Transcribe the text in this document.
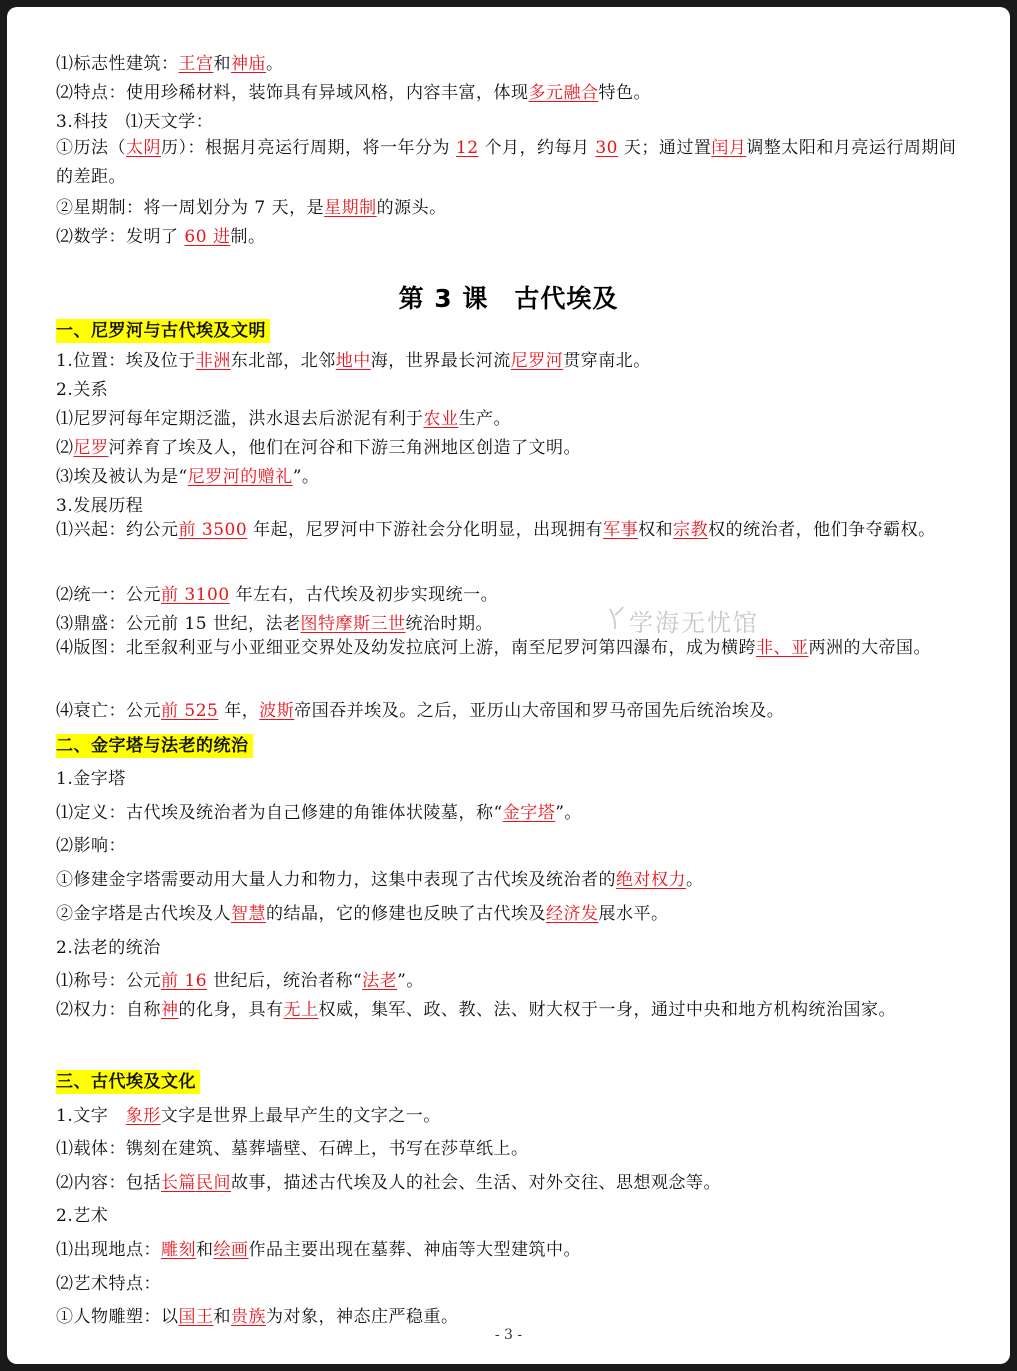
第 3 课　古代埃及
学海无忧馆
- 3 -
⑴标志性建筑：王宫和神庙。
⑵特点：使用珍稀材料，装饰具有异域风格，内容丰富，体现多元融合特色。
3.科技　⑴天文学：
①历法（太阴历）：根据月亮运行周期，将一年分为 12 个月，约每月 30 天；通过置闰月调整太阳和月亮运行周期间的差距。
②星期制：将一周划分为 7 天，是星期制的源头。
⑵数学：发明了 60 进制。
一、尼罗河与古代埃及文明
1.位置：埃及位于非洲东北部，北邻地中海，世界最长河流尼罗河贯穿南北。
2.关系
⑴尼罗河每年定期泛滥，洪水退去后淤泥有利于农业生产。
⑵尼罗河养育了埃及人，他们在河谷和下游三角洲地区创造了文明。
⑶埃及被认为是“尼罗河的赠礼”。
3.发展历程
⑴兴起：约公元前 3500 年起，尼罗河中下游社会分化明显，出现拥有军事权和宗教权的统治者，他们争夺霸权。
⑵统一：公元前 3100 年左右，古代埃及初步实现统一。
⑶鼎盛：公元前 15 世纪，法老图特摩斯三世统治时期。
⑷版图：北至叙利亚与小亚细亚交界处及幼发拉底河上游，南至尼罗河第四瀑布，成为横跨非、亚两洲的大帝国。
⑷衰亡：公元前 525 年，波斯帝国吞并埃及。之后，亚历山大帝国和罗马帝国先后统治埃及。
二、金字塔与法老的统治
1.金字塔
⑴定义：古代埃及统治者为自己修建的角锥体状陵墓，称“金字塔”。
⑵影响：
①修建金字塔需要动用大量人力和物力，这集中表现了古代埃及统治者的绝对权力。
②金字塔是古代埃及人智慧的结晶，它的修建也反映了古代埃及经济发展水平。
2.法老的统治
⑴称号：公元前 16 世纪后，统治者称“法老”。
⑵权力：自称神的化身，具有无上权威，集军、政、教、法、财大权于一身，通过中央和地方机构统治国家。
三、古代埃及文化
1.文字　象形文字是世界上最早产生的文字之一。
⑴载体：镌刻在建筑、墓葬墙壁、石碑上，书写在莎草纸上。
⑵内容：包括长篇民间故事，描述古代埃及人的社会、生活、对外交往、思想观念等。
2.艺术
⑴出现地点：雕刻和绘画作品主要出现在墓葬、神庙等大型建筑中。
⑵艺术特点：
①人物雕塑：以国王和贵族为对象，神态庄严稳重。
